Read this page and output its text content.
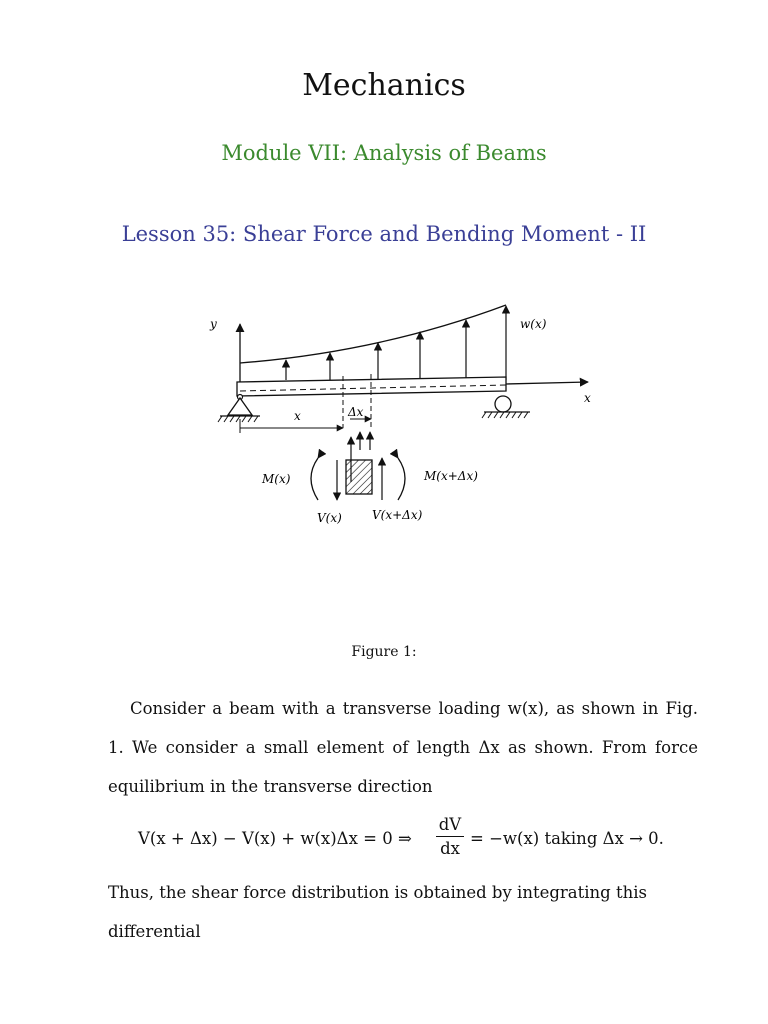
Mechanics
Module VII: Analysis of Beams
Lesson 35: Shear Force and Bending Moment - II
y	w(x)
x
x	Δx
M(x)	M(x+Δx)
V(x)	V(x+Δx)
Figure 1:

Consider a beam with a transverse loading w(x), as shown in Fig. 1. We consider a small element of length Δx as shown. From force equilibrium in the transverse direction

V(x + Δx) − V(x) + w(x)Δx = 0 ⇒ $\frac{dV}{dx} = -w(x)$ taking Δx → 0.

Thus, the shear force distribution is obtained by integrating this differential
